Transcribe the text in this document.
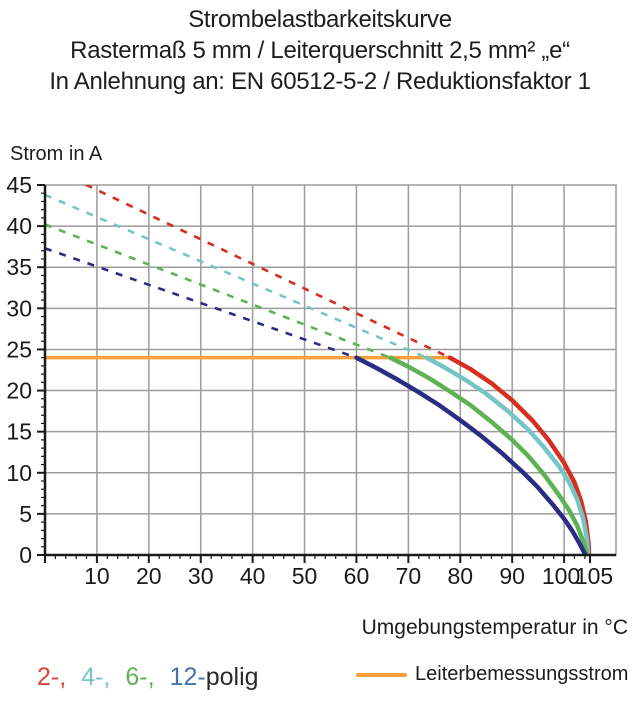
Strombelastbarkeitskurve
Rastermaß 5 mm / Leiterquerschnitt 2,5 mm² „e“
In Anlehnung an: EN 60512-5-2 / Reduktionsfaktor 1
Strom in A
0
5
10
15
20
25
30
35
40
45
10 20 30 40 50 60 70 80 90 100
105
Umgebungstemperatur in °C
2-, 4-, 6-, 12- polig	Leiterbemessungsstrom
